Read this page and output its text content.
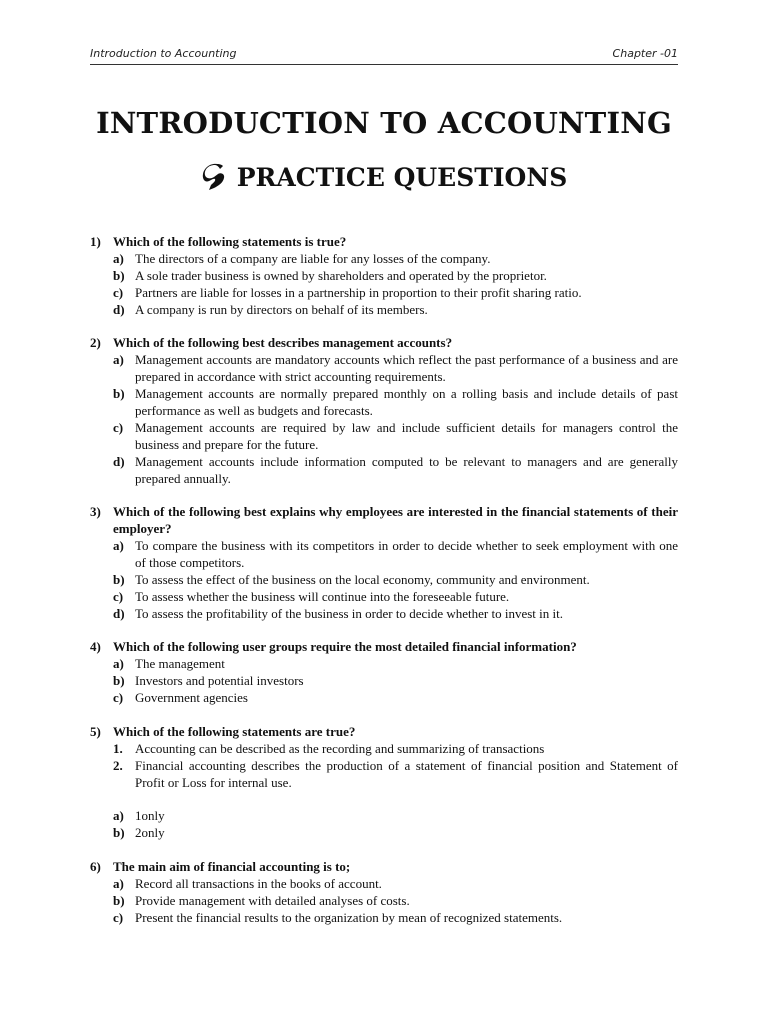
Introduction to Accounting	Chapter -01
INTRODUCTION TO ACCOUNTING
PRACTICE QUESTIONS
1) Which of the following statements is true?
a) The directors of a company are liable for any losses of the company.
b) A sole trader business is owned by shareholders and operated by the proprietor.
c) Partners are liable for losses in a partnership in proportion to their profit sharing ratio.
d) A company is run by directors on behalf of its members.
2) Which of the following best describes management accounts?
a) Management accounts are mandatory accounts which reflect the past performance of a business and are prepared in accordance with strict accounting requirements.
b) Management accounts are normally prepared monthly on a rolling basis and include details of past performance as well as budgets and forecasts.
c) Management accounts are required by law and include sufficient details for managers control the business and prepare for the future.
d) Management accounts include information computed to be relevant to managers and are generally prepared annually.
3) Which of the following best explains why employees are interested in the financial statements of their employer?
a) To compare the business with its competitors in order to decide whether to seek employment with one of those competitors.
b) To assess the effect of the business on the local economy, community and environment.
c) To assess whether the business will continue into the foreseeable future.
d) To assess the profitability of the business in order to decide whether to invest in it.
4) Which of the following user groups require the most detailed financial information?
a) The management
b) Investors and potential investors
c) Government agencies
5) Which of the following statements are true?
1. Accounting can be described as the recording and summarizing of transactions
2. Financial accounting describes the production of a statement of financial position and Statement of Profit or Loss for internal use.
a) 1only
b) 2only
6) The main aim of financial accounting is to;
a) Record all transactions in the books of account.
b) Provide management with detailed analyses of costs.
c) Present the financial results to the organization by mean of recognized statements.
